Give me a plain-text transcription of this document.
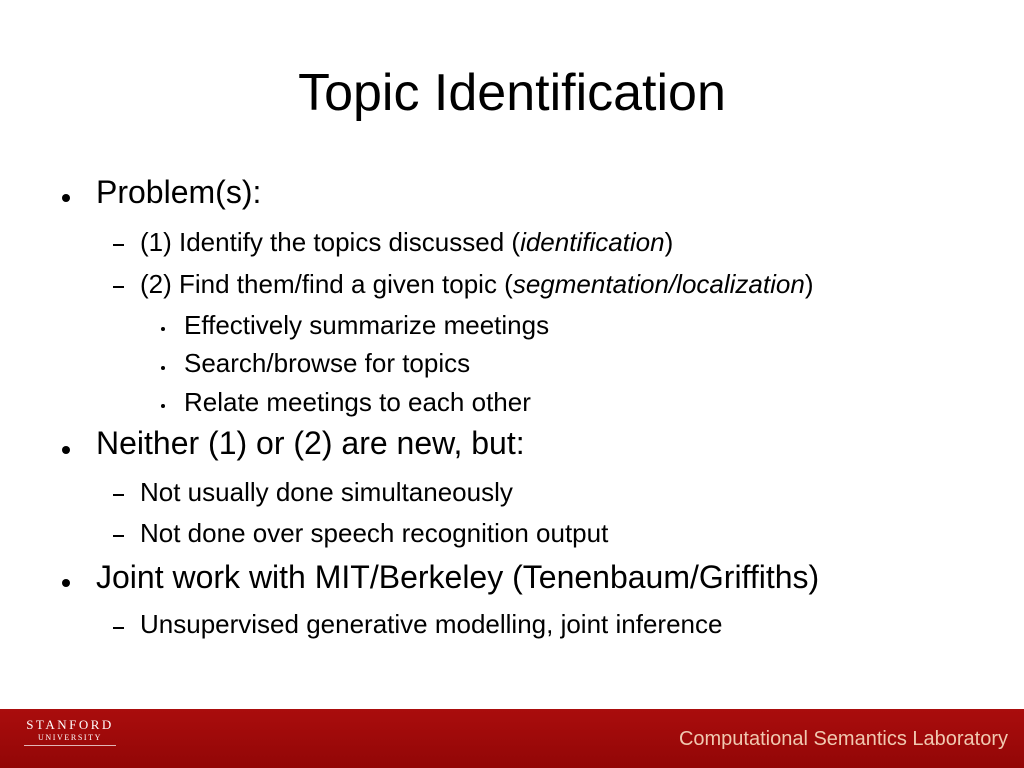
Topic Identification
Problem(s):
(1) Identify the topics discussed (identification)
(2) Find them/find a given topic (segmentation/localization)
Effectively summarize meetings
Search/browse for topics
Relate meetings to each other
Neither (1) or (2) are new, but:
Not usually done simultaneously
Not done over speech recognition output
Joint work with MIT/Berkeley (Tenenbaum/Griffiths)
Unsupervised generative modelling, joint inference
STANFORD
UNIVERSITY	Computational Semantics Laboratory
